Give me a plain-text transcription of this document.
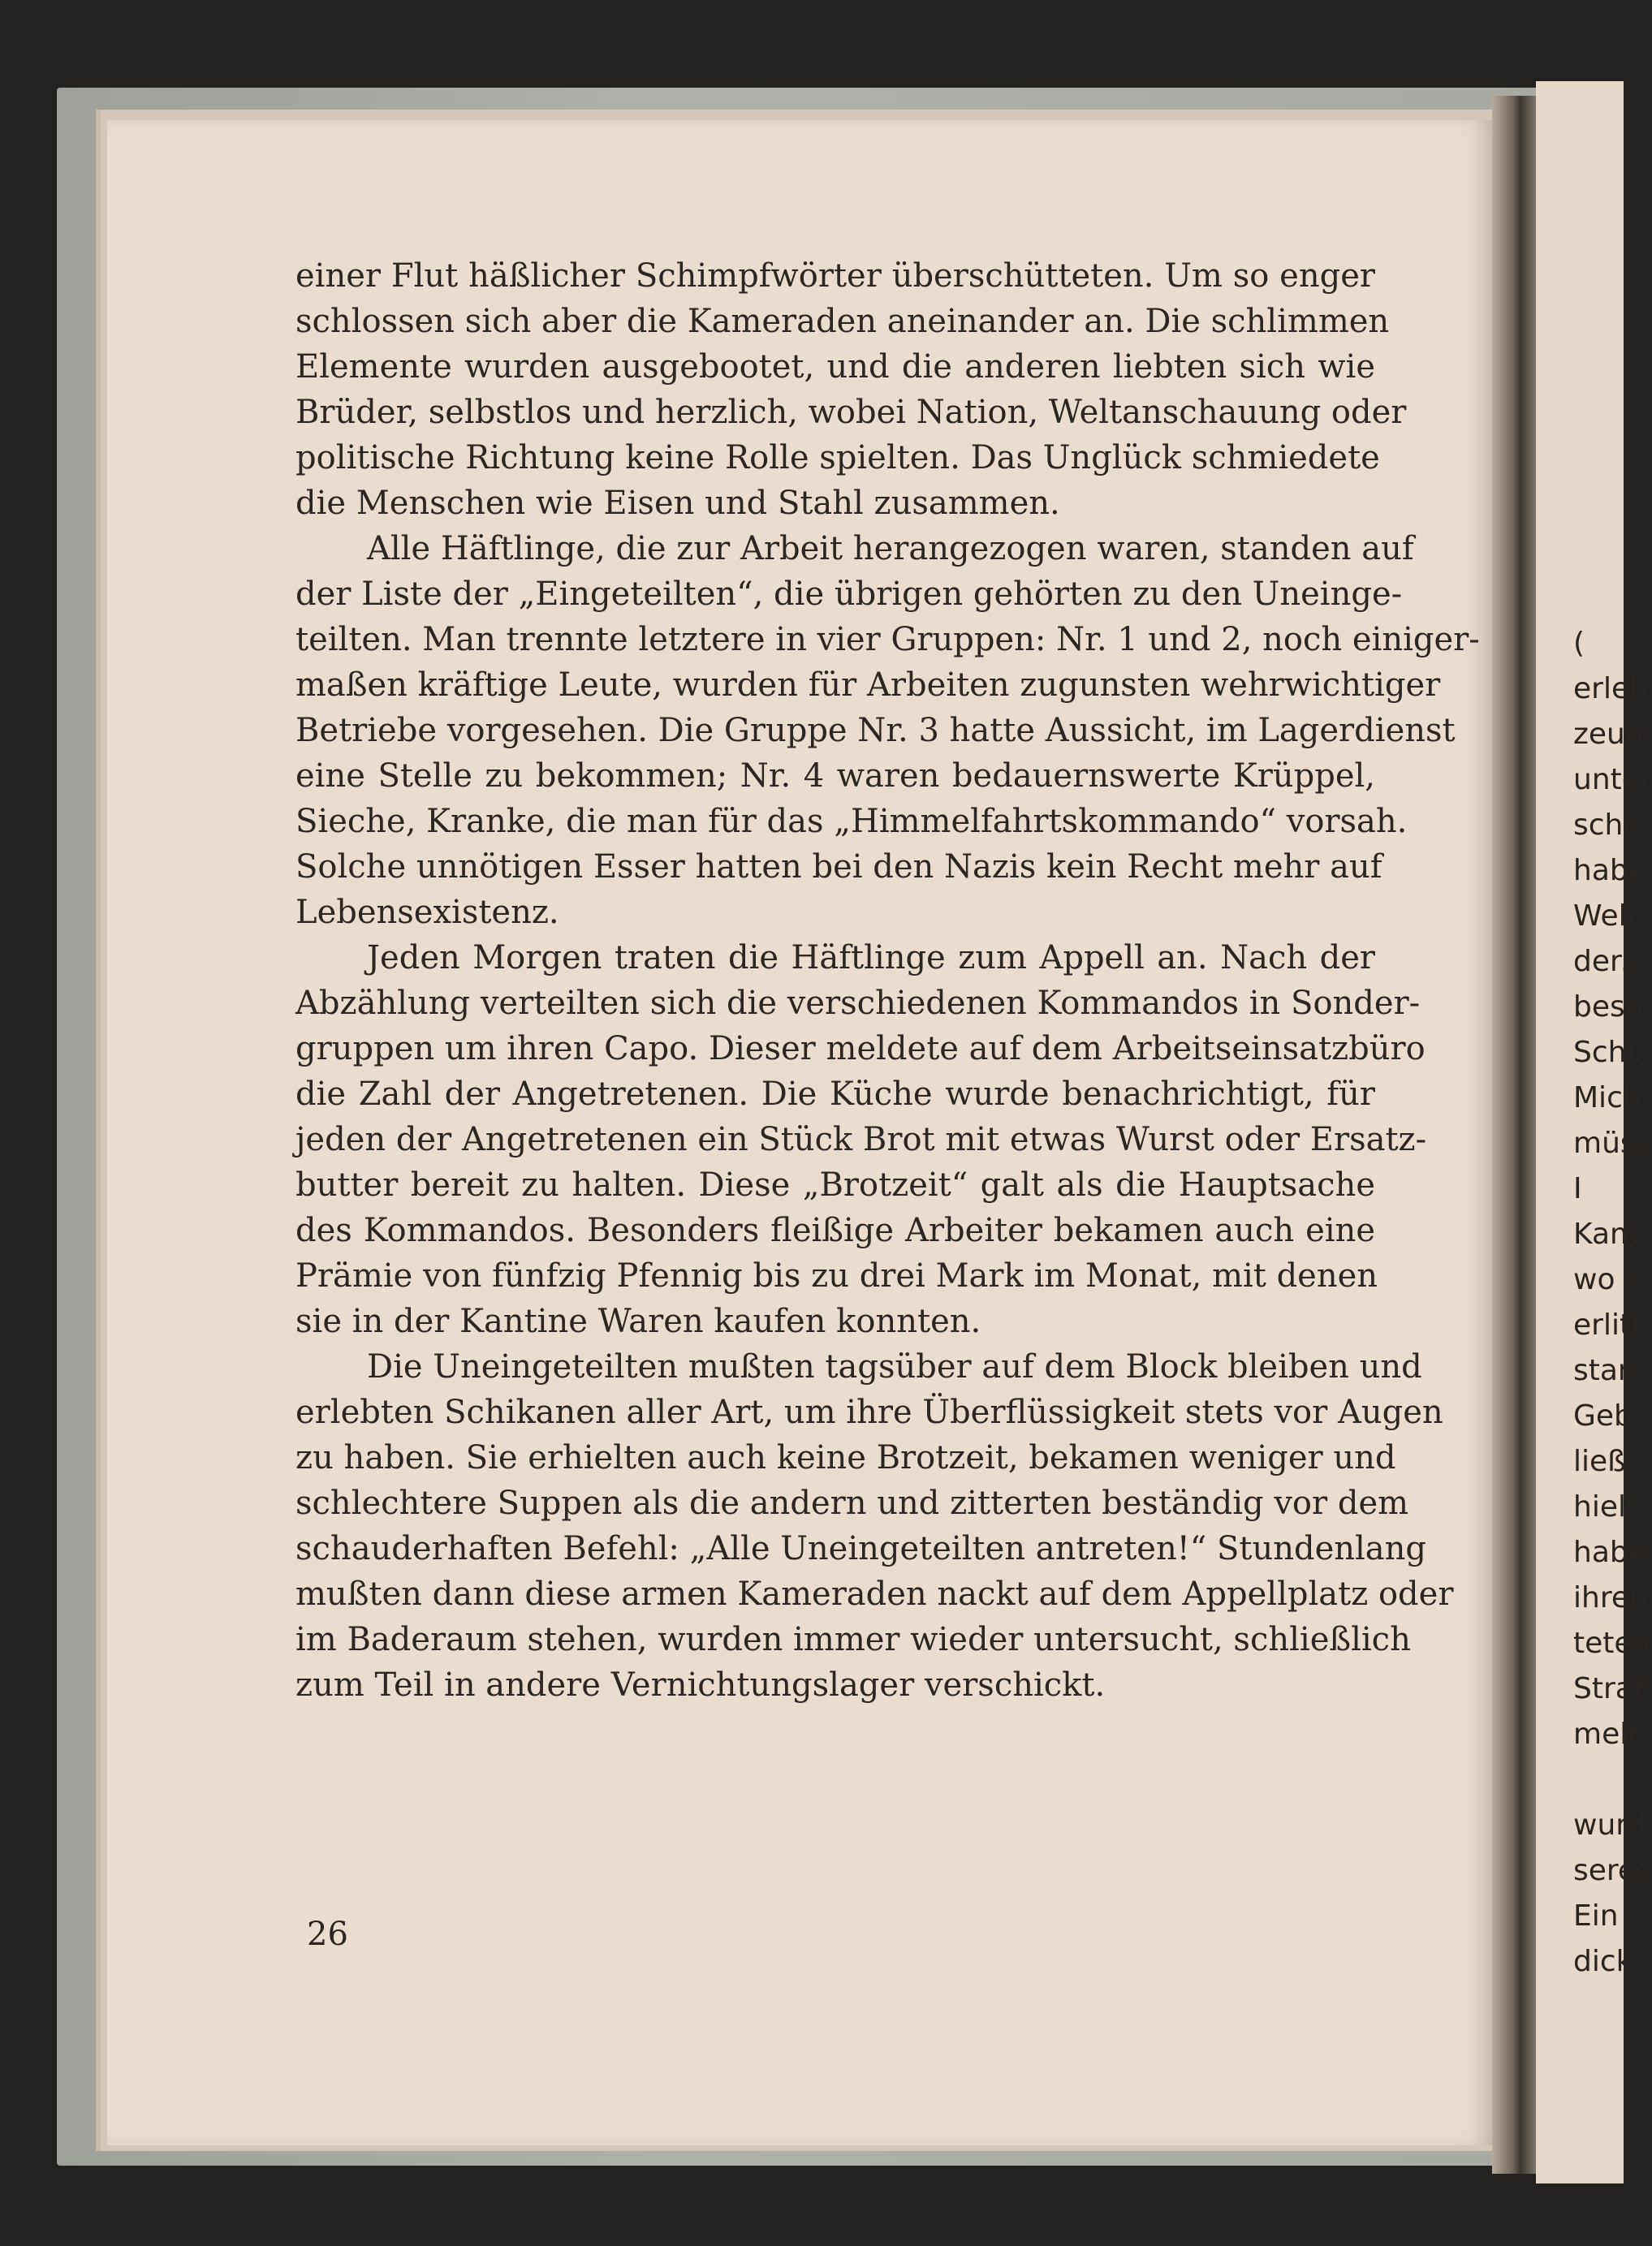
einer Flut häßlicher Schimpfwörter überschütteten. Um so enger
schlossen sich aber die Kameraden aneinander an. Die schlimmen
Elemente wurden ausgebootet, und die anderen liebten sich wie
Brüder, selbstlos und herzlich, wobei Nation, Weltanschauung oder
politische Richtung keine Rolle spielten. Das Unglück schmiedete
die Menschen wie Eisen und Stahl zusammen.
Alle Häftlinge, die zur Arbeit herangezogen waren, standen auf
der Liste der „Eingeteilten“, die übrigen gehörten zu den Uneinge-
teilten. Man trennte letztere in vier Gruppen: Nr. 1 und 2, noch einiger-
maßen kräftige Leute, wurden für Arbeiten zugunsten wehrwichtiger
Betriebe vorgesehen. Die Gruppe Nr. 3 hatte Aussicht, im Lagerdienst
eine Stelle zu bekommen; Nr. 4 waren bedauernswerte Krüppel,
Sieche, Kranke, die man für das „Himmelfahrtskommando“ vorsah.
Solche unnötigen Esser hatten bei den Nazis kein Recht mehr auf
Lebensexistenz.
Jeden Morgen traten die Häftlinge zum Appell an. Nach der
Abzählung verteilten sich die verschiedenen Kommandos in Sonder-
gruppen um ihren Capo. Dieser meldete auf dem Arbeitseinsatzbüro
die Zahl der Angetretenen. Die Küche wurde benachrichtigt, für
jeden der Angetretenen ein Stück Brot mit etwas Wurst oder Ersatz-
butter bereit zu halten. Diese „Brotzeit“ galt als die Hauptsache
des Kommandos. Besonders fleißige Arbeiter bekamen auch eine
Prämie von fünfzig Pfennig bis zu drei Mark im Monat, mit denen
sie in der Kantine Waren kaufen konnten.
Die Uneingeteilten mußten tagsüber auf dem Block bleiben und
erlebten Schikanen aller Art, um ihre Überflüssigkeit stets vor Augen
zu haben. Sie erhielten auch keine Brotzeit, bekamen weniger und
schlechtere Suppen als die andern und zitterten beständig vor dem
schauderhaften Befehl: „Alle Uneingeteilten antreten!“ Stundenlang
mußten dann diese armen Kameraden nackt auf dem Appellplatz oder
im Baderaum stehen, wurden immer wieder untersucht, schließlich
zum Teil in andere Vernichtungslager verschickt.
26
(
erleb
zeug
unter
schri
habe
Welt
ders
beso
Schir
Mich
müss
I
Kam
wo s
erlitt
stan
Geb
ließ
hielt
habe
ihren
teten
Straf
melt
wurd
seres
Ein
dick
